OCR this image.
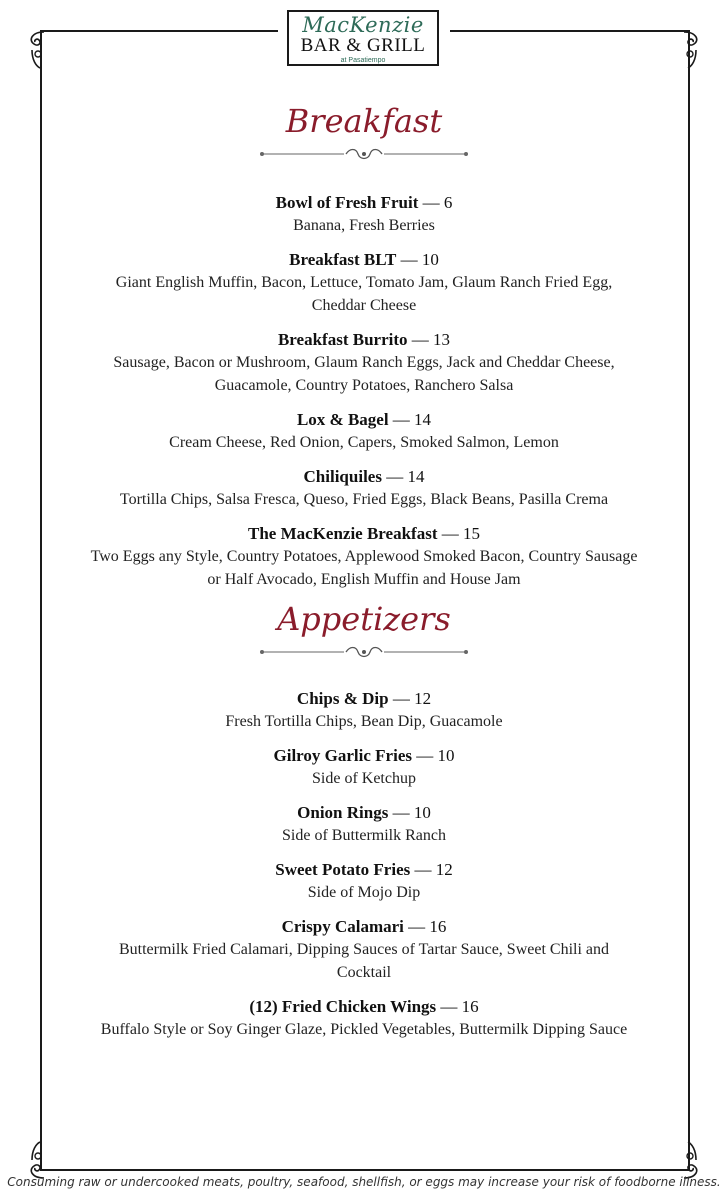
MacKenzie
BAR & GRILL
at Pasatiempo
Breakfast
Bowl of Fresh Fruit — 6
Banana, Fresh Berries
Breakfast BLT — 10
Giant English Muffin, Bacon, Lettuce, Tomato Jam, Glaum Ranch Fried Egg, Cheddar Cheese
Breakfast Burrito — 13
Sausage, Bacon or Mushroom, Glaum Ranch Eggs, Jack and Cheddar Cheese, Guacamole, Country Potatoes, Ranchero Salsa
Lox & Bagel — 14
Cream Cheese, Red Onion, Capers, Smoked Salmon, Lemon
Chiliquiles — 14
Tortilla Chips, Salsa Fresca, Queso, Fried Eggs, Black Beans, Pasilla Crema
The MacKenzie Breakfast — 15
Two Eggs any Style, Country Potatoes, Applewood Smoked Bacon, Country Sausage or Half Avocado, English Muffin and House Jam
Appetizers
Chips & Dip — 12
Fresh Tortilla Chips, Bean Dip, Guacamole
Gilroy Garlic Fries — 10
Side of Ketchup
Onion Rings — 10
Side of Buttermilk Ranch
Sweet Potato Fries — 12
Side of Mojo Dip
Crispy Calamari — 16
Buttermilk Fried Calamari, Dipping Sauces of Tartar Sauce, Sweet Chili and Cocktail
(12) Fried Chicken Wings — 16
Buffalo Style or Soy Ginger Glaze, Pickled Vegetables, Buttermilk Dipping Sauce
Consuming raw or undercooked meats, poultry, seafood, shellfish, or eggs may increase your risk of foodborne illness.
